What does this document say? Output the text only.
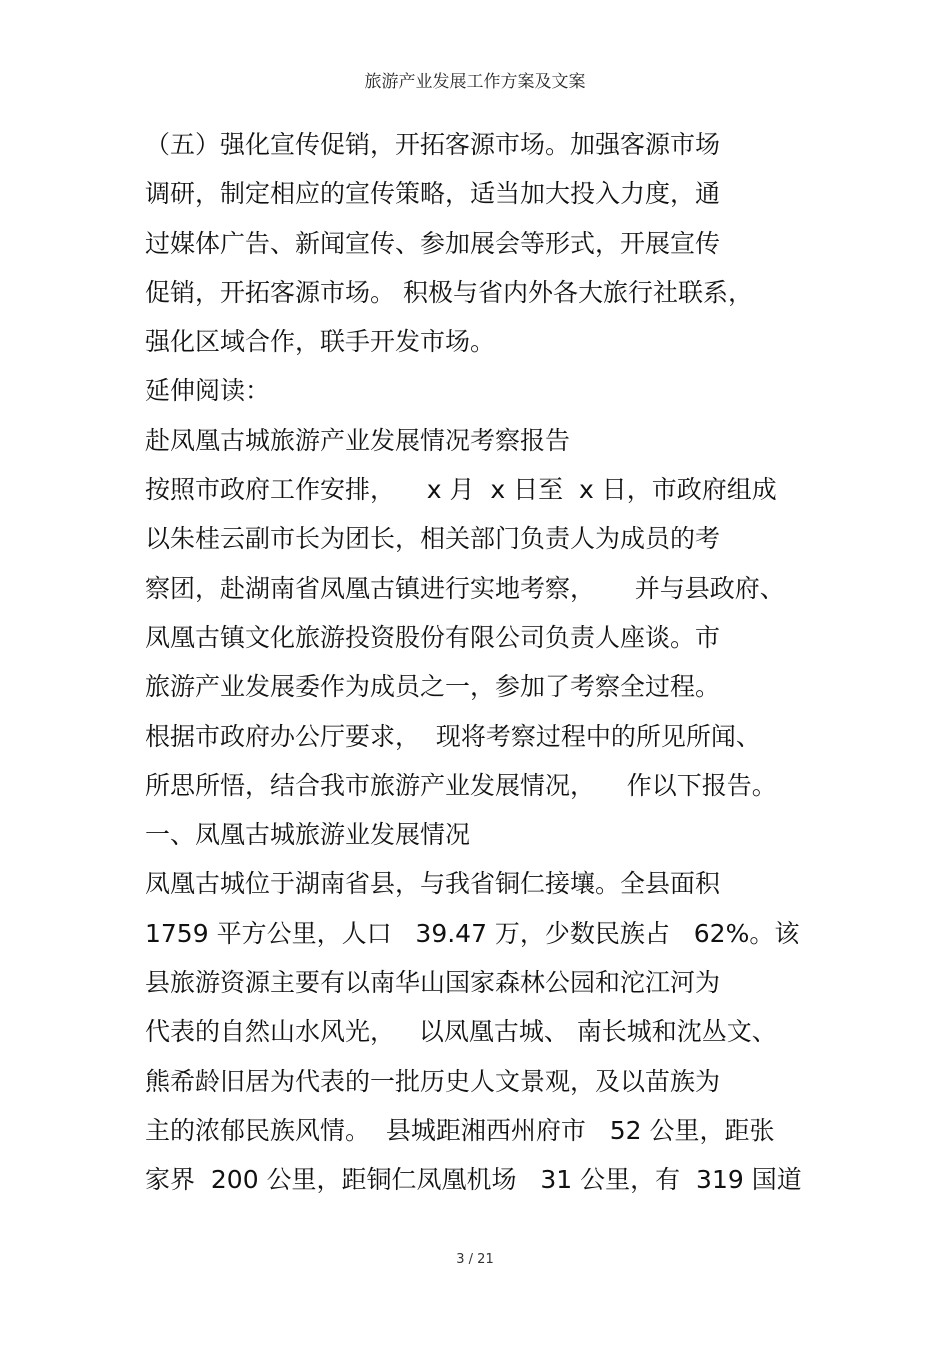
旅游产业发展工作方案及文案
（五）强化宣传促销，开拓客源市场。加强客源市场
调研，制定相应的宣传策略，适当加大投入力度，通
过媒体广告、新闻宣传、参加展会等形式，开展宣传
促销，开拓客源市场。 积极与省内外各大旅行社联系，
强化区域合作，联手开发市场。
延伸阅读：
赴凤凰古城旅游产业发展情况考察报告
按照市政府工作安排，    x 月  x 日至  x 日，市政府组成
以朱桂云副市长为团长，相关部门负责人为成员的考
察团，赴湖南省凤凰古镇进行实地考察，     并与县政府、
凤凰古镇文化旅游投资股份有限公司负责人座谈。市
旅游产业发展委作为成员之一，参加了考察全过程。
根据市政府办公厅要求，  现将考察过程中的所见所闻、
所思所悟，结合我市旅游产业发展情况，    作以下报告。
一、凤凰古城旅游业发展情况
凤凰古城位于湖南省县，与我省铜仁接壤。全县面积
1759 平方公里，人口   39.47 万，少数民族占   62%。该
县旅游资源主要有以南华山国家森林公园和沱江河为
代表的自然山水风光，   以凤凰古城、 南长城和沈丛文、
熊希龄旧居为代表的一批历史人文景观，及以苗族为
主的浓郁民族风情。  县城距湘西州府市   52 公里，距张
家界  200 公里，距铜仁凤凰机场   31 公里，有  319 国道
3 / 21
